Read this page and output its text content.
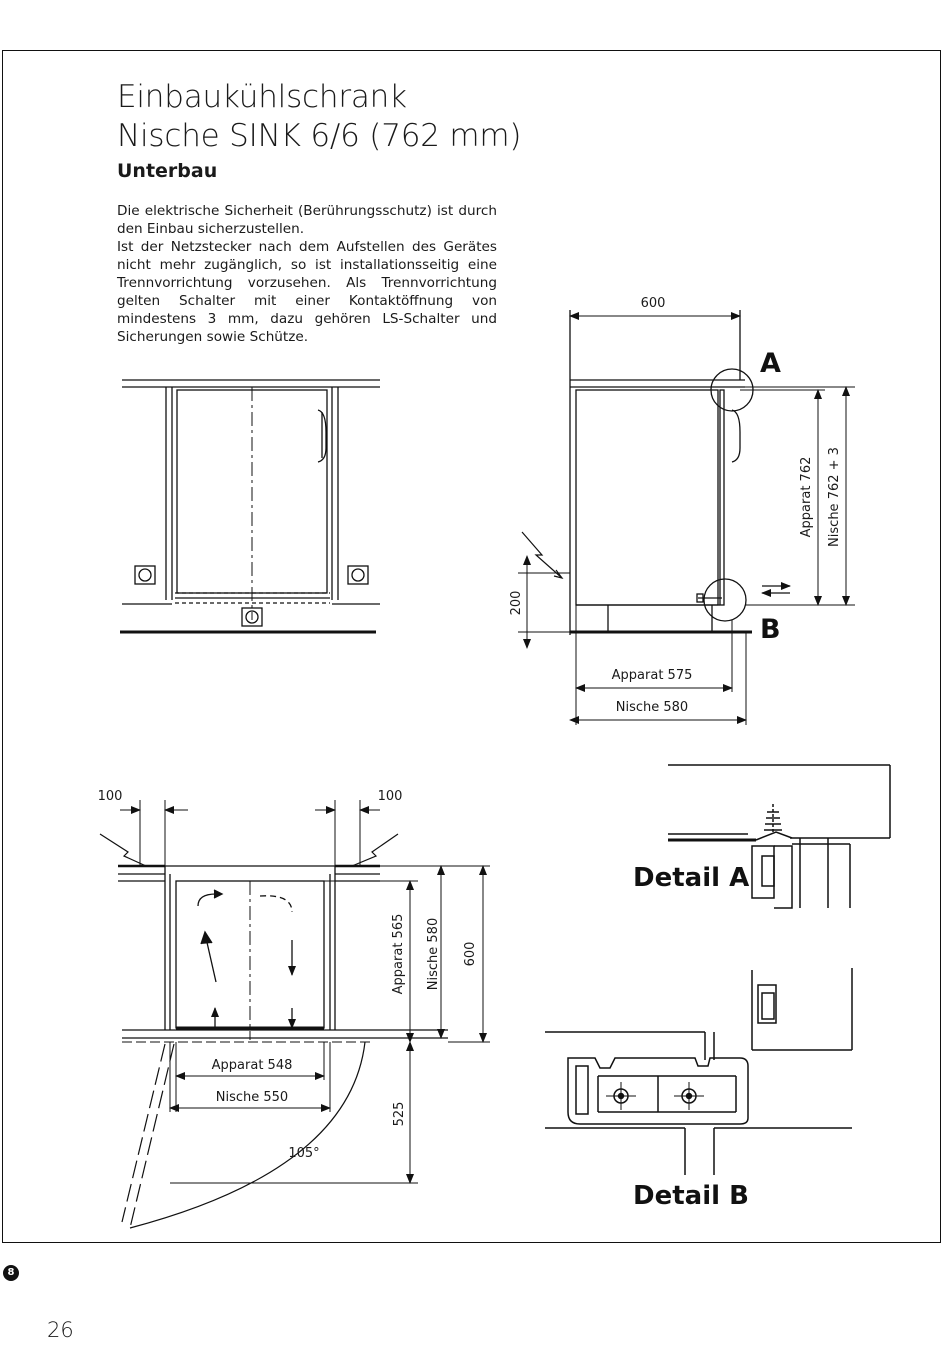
Einbaukühlschrank
Nische SINK 6/6 (762 mm)
Unterbau
Die elektrische Sicherheit (Berührungsschutz) ist durch den Einbau sicherzustellen.
Ist der Netzstecker nach dem Aufstellen des Gerätes nicht mehr zugänglich, so ist installationsseitig eine Trennvorrichtung vorzusehen. Als Trennvorrichtung gelten Schalter mit einer Kontaktöffnung von mindestens 3 mm, dazu gehören LS-Schalter und Sicherungen sowie Schütze.
600
A
B
Apparat 762 Nische 762 + 3
200
Apparat 575
Nische 580
100	100
Apparat 565 Nische 580 600
Apparat 548
Nische 550
525
105°
Detail A
Detail B
8
26
